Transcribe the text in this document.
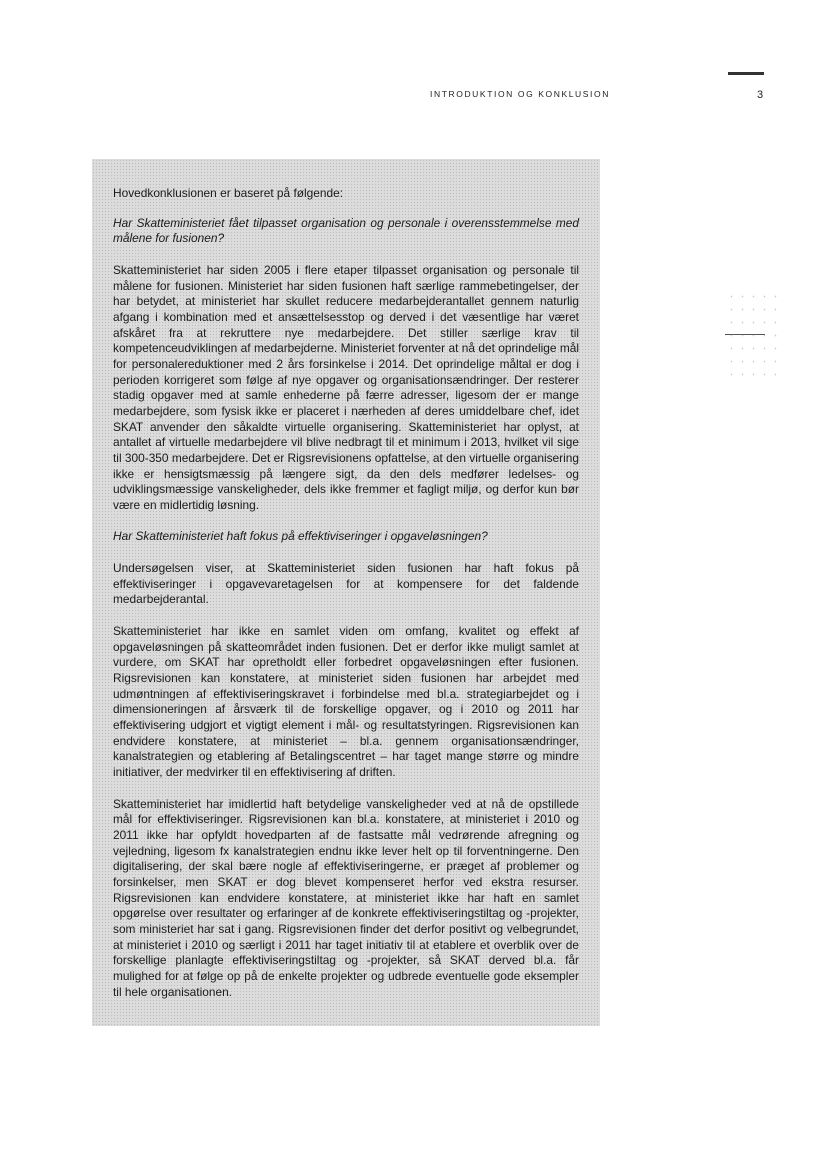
INTRODUKTION OG KONKLUSION	3

Hovedkonklusionen er baseret på følgende:

Har Skatteministeriet fået tilpasset organisation og personale i overensstemmelse med målene for fusionen?

Skatteministeriet har siden 2005 i flere etaper tilpasset organisation og personale til målene for fusionen. Ministeriet har siden fusionen haft særlige rammebetingelser, der har betydet, at ministeriet har skullet reducere medarbejderantallet gennem naturlig afgang i kombination med et ansættelsesstop og derved i det væsentlige har været afskåret fra at rekruttere nye medarbejdere. Det stiller særlige krav til kompetenceudviklingen af medarbejderne. Ministeriet forventer at nå det oprindelige mål for personalereduktioner med 2 års forsinkelse i 2014. Det oprindelige måltal er dog i perioden korrigeret som følge af nye opgaver og organisationsændringer. Der resterer stadig opgaver med at samle enhederne på færre adresser, ligesom der er mange medarbejdere, som fysisk ikke er placeret i nærheden af deres umiddelbare chef, idet SKAT anvender den såkaldte virtuelle organisering. Skatteministeriet har oplyst, at antallet af virtuelle medarbejdere vil blive nedbragt til et minimum i 2013, hvilket vil sige til 300-350 medarbejdere. Det er Rigsrevisionens opfattelse, at den virtuelle organisering ikke er hensigtsmæssig på længere sigt, da den dels medfører ledelses- og udviklingsmæssige vanskeligheder, dels ikke fremmer et fagligt miljø, og derfor kun bør være en midlertidig løsning.

Har Skatteministeriet haft fokus på effektiviseringer i opgaveløsningen?

Undersøgelsen viser, at Skatteministeriet siden fusionen har haft fokus på effektiviseringer i opgavevaretagelsen for at kompensere for det faldende medarbejderantal.

Skatteministeriet har ikke en samlet viden om omfang, kvalitet og effekt af opgaveløsningen på skatteområdet inden fusionen. Det er derfor ikke muligt samlet at vurdere, om SKAT har opretholdt eller forbedret opgaveløsningen efter fusionen. Rigsrevisionen kan konstatere, at ministeriet siden fusionen har arbejdet med udmøntningen af effektiviseringskravet i forbindelse med bl.a. strategiarbejdet og i dimensioneringen af årsværk til de forskellige opgaver, og i 2010 og 2011 har effektivisering udgjort et vigtigt element i mål- og resultatstyringen. Rigsrevisionen kan endvidere konstatere, at ministeriet – bl.a. gennem organisationsændringer, kanalstrategien og etablering af Betalingscentret – har taget mange større og mindre initiativer, der medvirker til en effektivisering af driften.

Skatteministeriet har imidlertid haft betydelige vanskeligheder ved at nå de opstillede mål for effektiviseringer. Rigsrevisionen kan bl.a. konstatere, at ministeriet i 2010 og 2011 ikke har opfyldt hovedparten af de fastsatte mål vedrørende afregning og vejledning, ligesom fx kanalstrategien endnu ikke lever helt op til forventningerne. Den digitalisering, der skal bære nogle af effektiviseringerne, er præget af problemer og forsinkelser, men SKAT er dog blevet kompenseret herfor ved ekstra resurser. Rigsrevisionen kan endvidere konstatere, at ministeriet ikke har haft en samlet opgørelse over resultater og erfaringer af de konkrete effektiviseringstiltag og -projekter, som ministeriet har sat i gang. Rigsrevisionen finder det derfor positivt og velbegrundet, at ministeriet i 2010 og særligt i 2011 har taget initiativ til at etablere et overblik over de forskellige planlagte effektiviseringstiltag og -projekter, så SKAT derved bl.a. får mulighed for at følge op på de enkelte projekter og udbrede eventuelle gode eksempler til hele organisationen.
